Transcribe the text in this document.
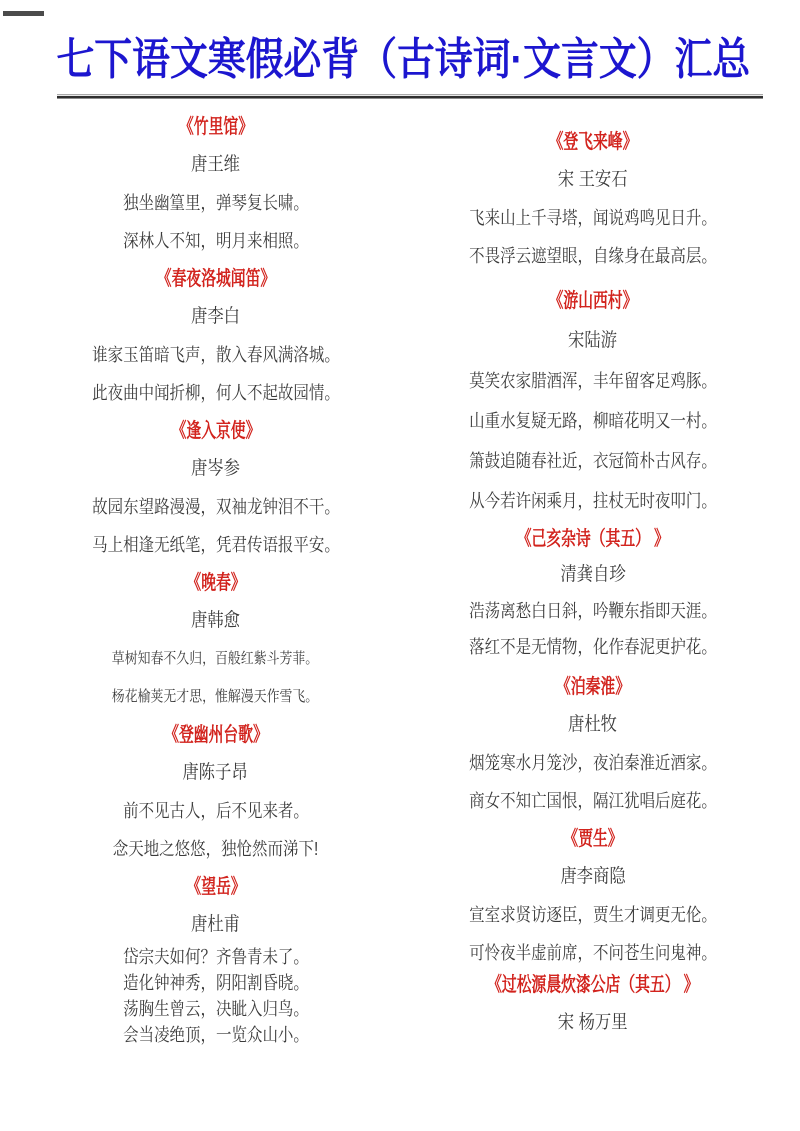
七下语文寒假必背（古诗词·文言文）汇总
《竹里馆》
唐王维
独坐幽篁里，弹琴复长啸。
深林人不知，明月来相照。
《春夜洛城闻笛》
唐李白
谁家玉笛暗飞声，散入春风满洛城。
此夜曲中闻折柳，何人不起故园情。
《逢入京使》
唐岑参
故园东望路漫漫，双袖龙钟泪不干。
马上相逢无纸笔，凭君传语报平安。
《晚春》
唐韩愈
草树知春不久归，百般红紫斗芳菲。
杨花榆荚无才思，惟解漫天作雪飞。
《登幽州台歌》
唐陈子昂
前不见古人，后不见来者。
念天地之悠悠，独怆然而涕下!
《望岳》
唐杜甫
岱宗夫如何？齐鲁青未了。
造化钟神秀，阴阳割昏晓。
荡胸生曾云，决眦入归鸟。
会当凌绝顶，一览众山小。
《登飞来峰》
宋 王安石
飞来山上千寻塔，闻说鸡鸣见日升。
不畏浮云遮望眼，自缘身在最高层。
《游山西村》
宋陆游
莫笑农家腊酒浑，丰年留客足鸡豚。
山重水复疑无路，柳暗花明又一村。
箫鼓追随春社近，衣冠简朴古风存。
从今若许闲乘月，拄杖无时夜叩门。
《己亥杂诗（其五） 》
清龚自珍
浩荡离愁白日斜，吟鞭东指即天涯。
落红不是无情物，化作春泥更护花。
《泊秦淮》
唐杜牧
烟笼寒水月笼沙，夜泊秦淮近酒家。
商女不知亡国恨，隔江犹唱后庭花。
《贾生》
唐李商隐
宣室求贤访逐臣，贾生才调更无伦。
可怜夜半虚前席，不问苍生问鬼神。
《过松源晨炊漆公店（其五） 》
宋 杨万里
